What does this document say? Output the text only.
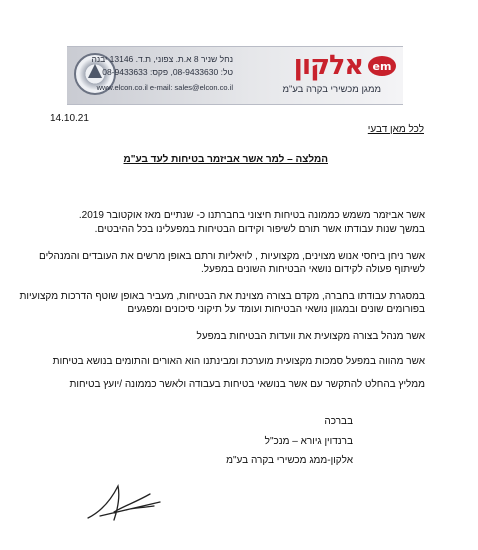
נחל שניר 8 א.ת. צפוני, ת.ד. 13146 יבנה
טל: 08-9433630, פקס: 08-9433633
www.elcon.co.il e-mail: sales@elcon.co.il
em
אלקון
ממגן מכשירי בקרה בע"מ
14.10.21
לכל מאן דבעי
המלצה – למר אשר אביזמר בטיחות לעד בע"מ
אשר אביזמר משמש כממונה בטיחות חיצוני בחברתנו כ- שנתיים מאז אוקטובר 2019.
במשך שנות עבודתו אשר תורם לשיפור וקידום הבטיחות במפעלינו בכל ההיבטים.
אשר ניחן ביחסי אנוש מצוינים, מקצועיות , לויאליות ורתם באופן מרשים את העובדים והמנהלים
לשיתוף פעולה לקידום נושאי הבטיחות השונים במפעל.
במסגרת עבודתו בחברה, מקדם בצורה מצוינת את הבטיחות, מעביר באופן שוטף הדרכות מקצועיות
בפורומים שונים ובמגוון נושאי הבטיחות ועומד על תיקוני סיכונים ומפגעים
אשר מנהל בצורה מקצועית את וועדות הבטיחות במפעל
אשר מהווה במפעל סמכות מקצועית מוערכת ומבינתנו הוא האורים והתומים בנושא בטיחות
ממליץ בהחלט להתקשר עם אשר בנושאי בטיחות בעבודה ולאשר כממונה /יועץ בטיחות
בברכה
ברנדוין גיורא – מנכ"ל
אלקון-ממג מכשירי בקרה בע"מ
